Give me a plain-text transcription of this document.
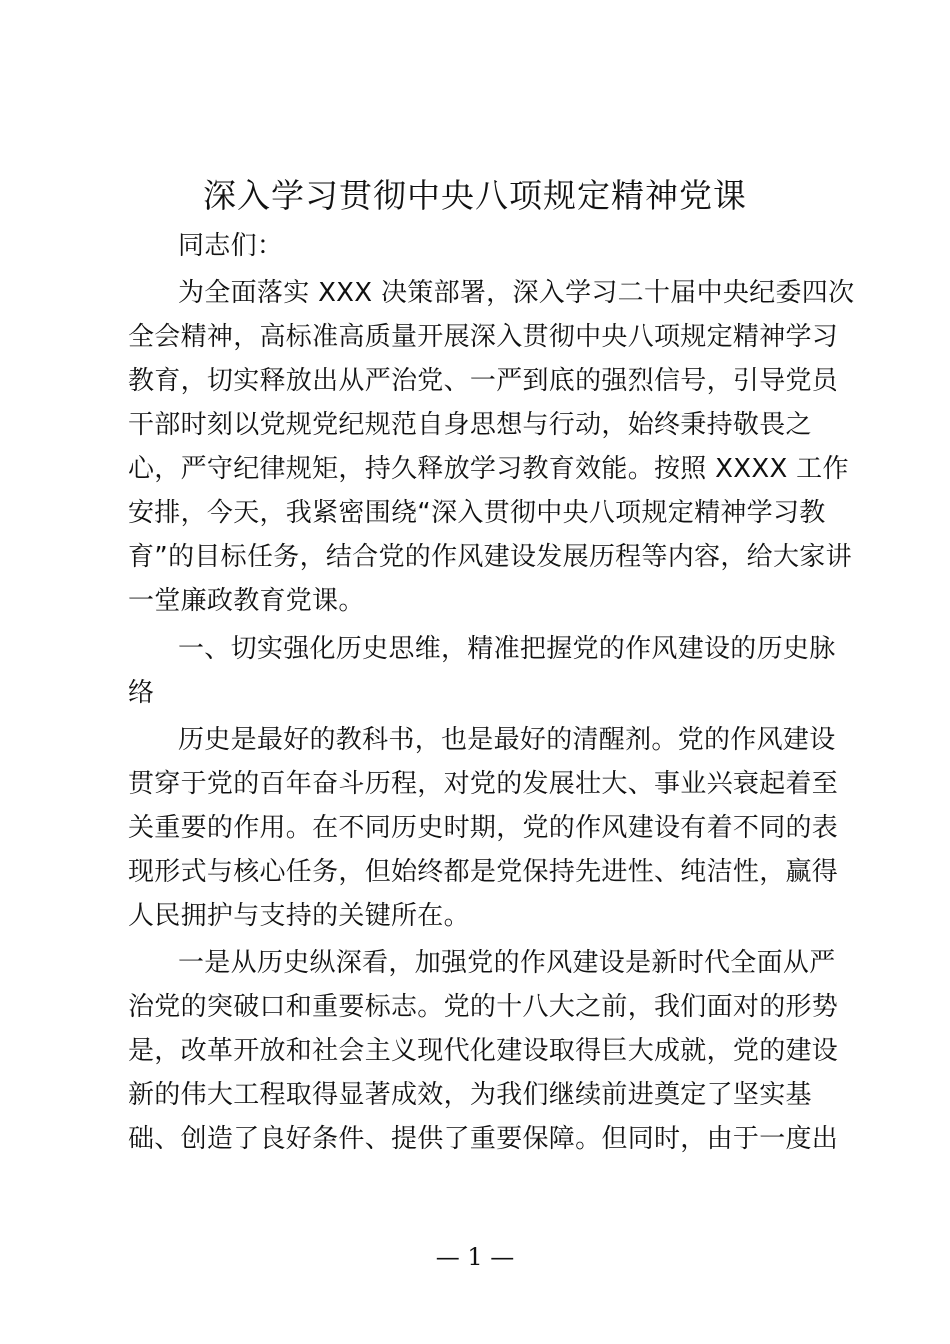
深入学习贯彻中央八项规定精神党课
同志们：
为全面落实 XXX 决策部署，深入学习二十届中央纪委四次
全会精神，高标准高质量开展深入贯彻中央八项规定精神学习
教育，切实释放出从严治党、一严到底的强烈信号，引导党员
干部时刻以党规党纪规范自身思想与行动，始终秉持敬畏之
心，严守纪律规矩，持久释放学习教育效能。按照 XXXX 工作
安排，今天，我紧密围绕“深入贯彻中央八项规定精神学习教
育”的目标任务，结合党的作风建设发展历程等内容，给大家讲
一堂廉政教育党课。
一、切实强化历史思维，精准把握党的作风建设的历史脉
络
历史是最好的教科书，也是最好的清醒剂。党的作风建设
贯穿于党的百年奋斗历程，对党的发展壮大、事业兴衰起着至
关重要的作用。在不同历史时期，党的作风建设有着不同的表
现形式与核心任务，但始终都是党保持先进性、纯洁性，赢得
人民拥护与支持的关键所在。
一是从历史纵深看，加强党的作风建设是新时代全面从严
治党的突破口和重要标志。党的十八大之前，我们面对的形势
是，改革开放和社会主义现代化建设取得巨大成就，党的建设
新的伟大工程取得显著成效，为我们继续前进奠定了坚实基
础、创造了良好条件、提供了重要保障。但同时，由于一度出
— 1 —
